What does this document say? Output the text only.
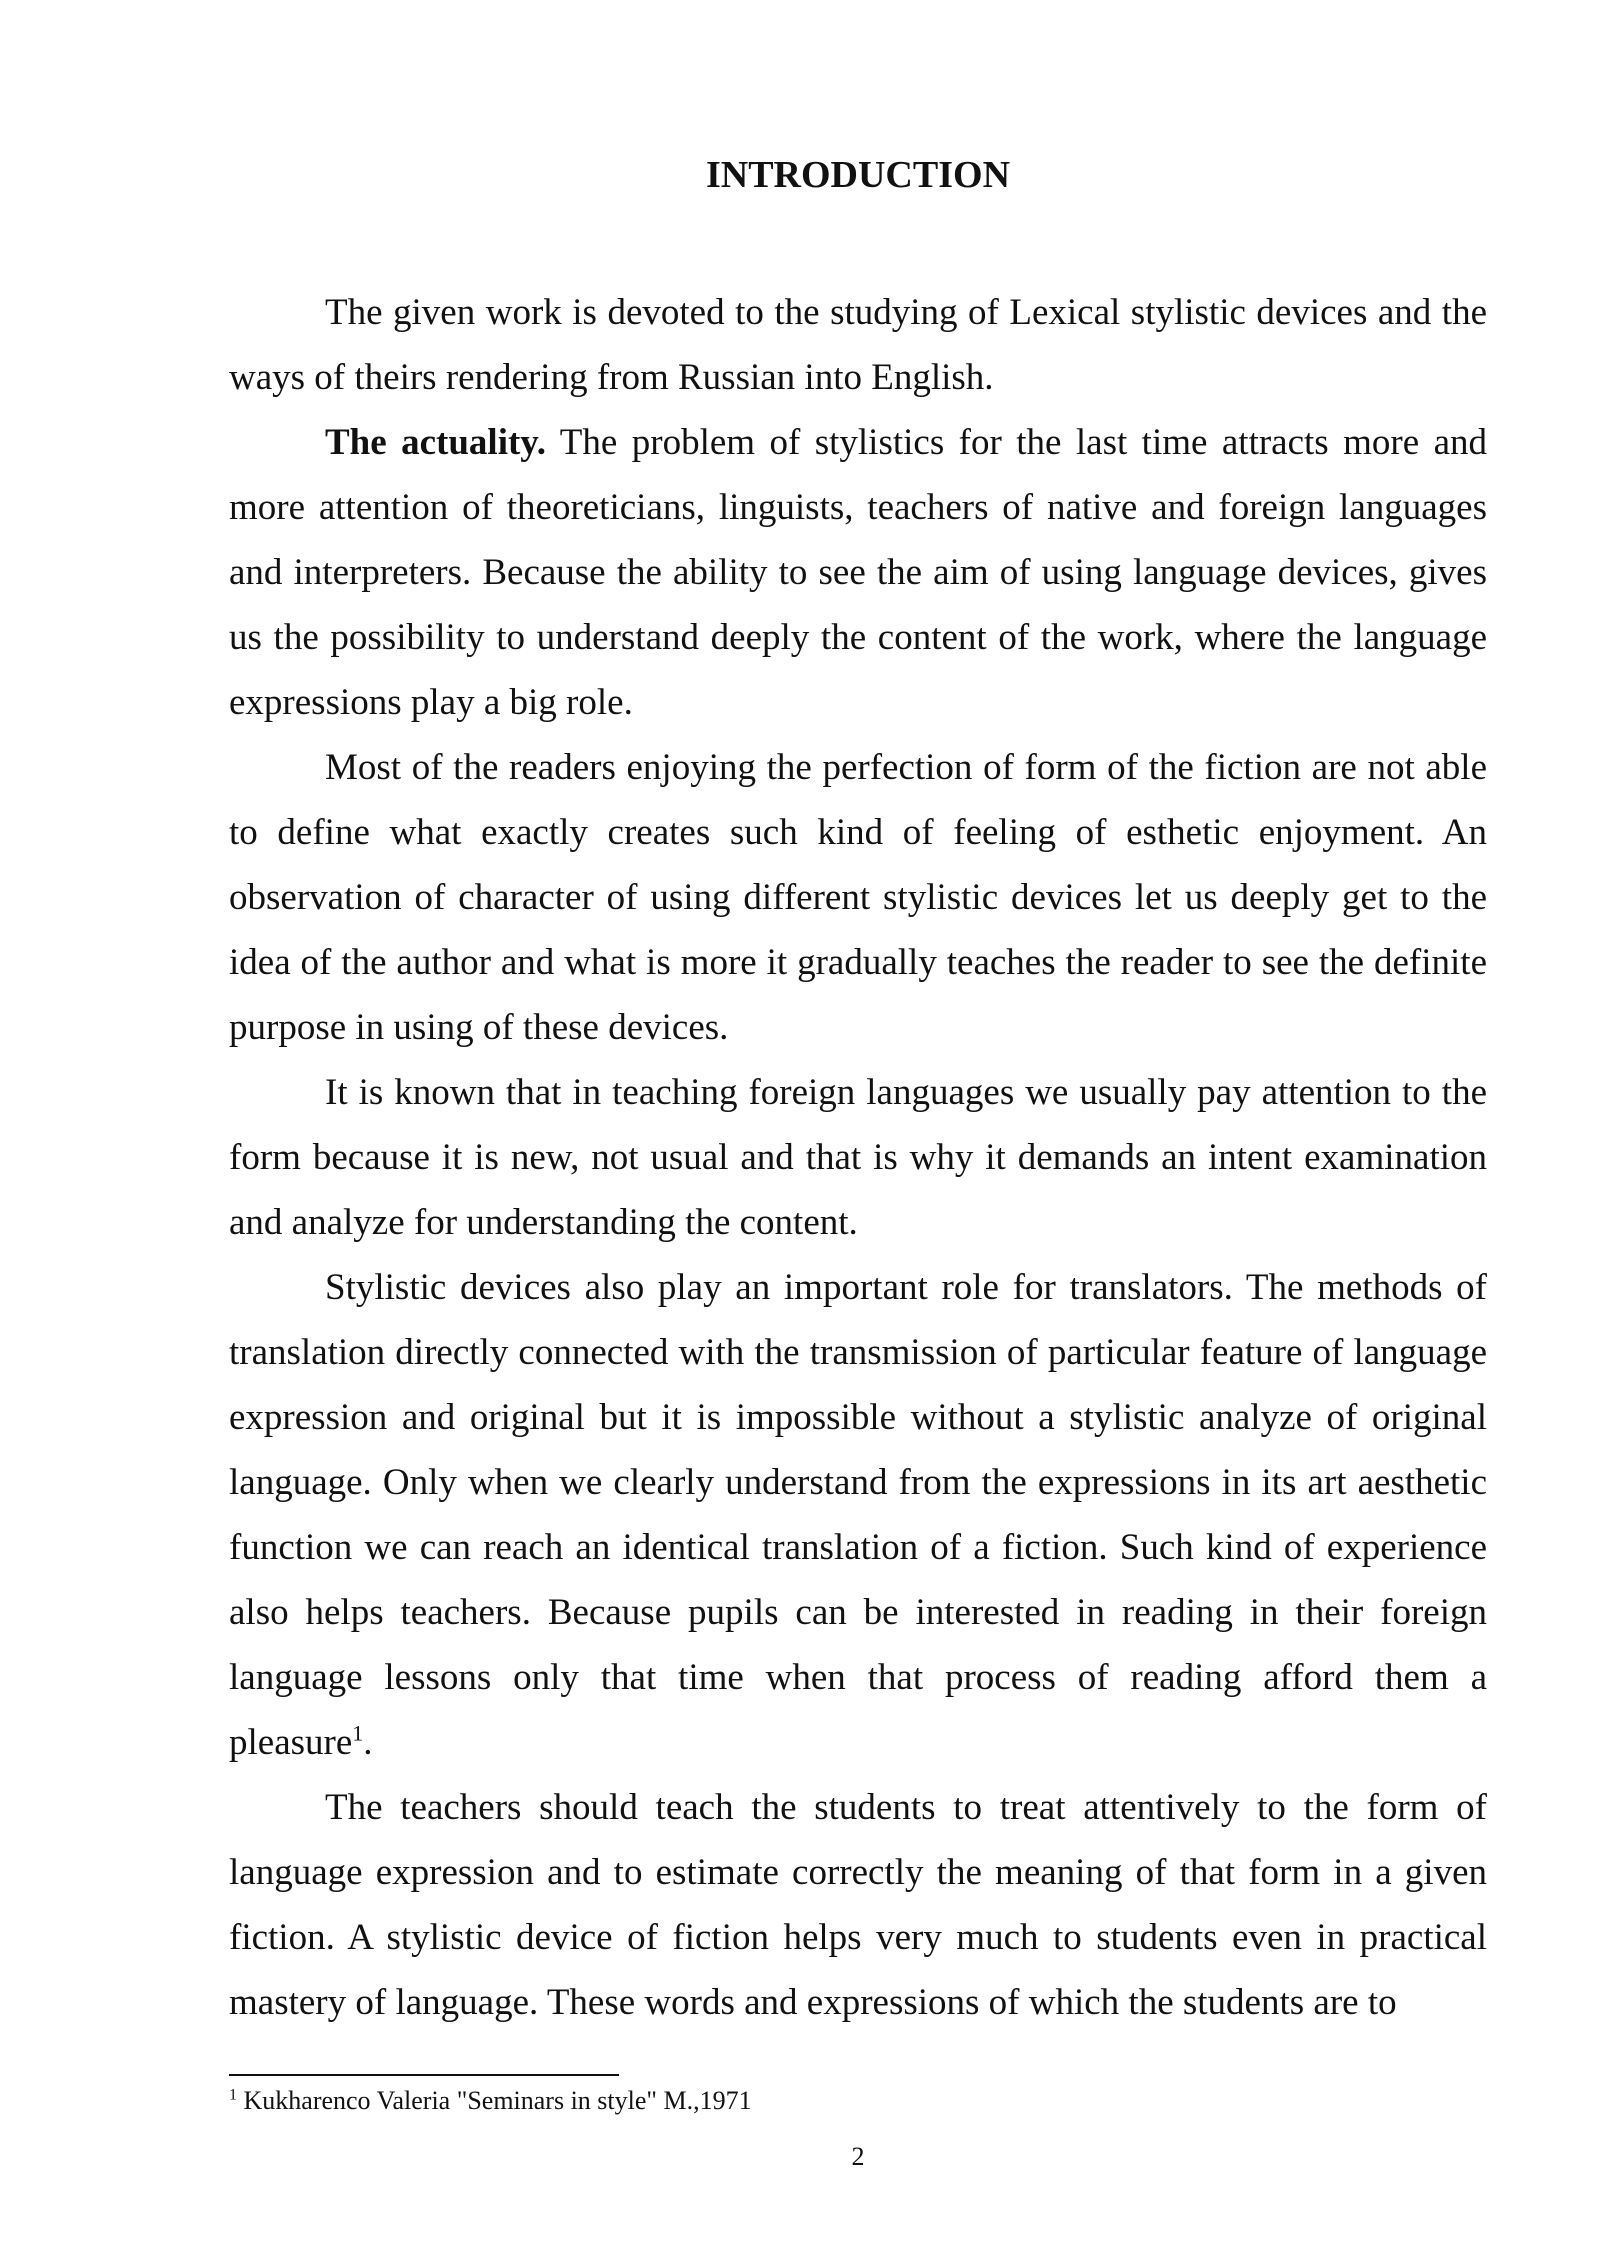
INTRODUCTION

The given work is devoted to the studying of Lexical stylistic devices and the ways of theirs rendering from Russian into English.

The actuality. The problem of stylistics for the last time attracts more and more attention of theoreticians, linguists, teachers of native and foreign languages and interpreters. Because the ability to see the aim of using language devices, gives us the possibility to understand deeply the content of the work, where the language expressions play a big role.

Most of the readers enjoying the perfection of form of the fiction are not able to define what exactly creates such kind of feeling of esthetic enjoyment. An observation of character of using different stylistic devices let us deeply get to the idea of the author and what is more it gradually teaches the reader to see the definite purpose in using of these devices.

It is known that in teaching foreign languages we usually pay attention to the form because it is new, not usual and that is why it demands an intent examination and analyze for understanding the content.

Stylistic devices also play an important role for translators. The methods of translation directly connected with the transmission of particular feature of language expression and original but it is impossible without a stylistic analyze of original language. Only when we clearly understand from the expressions in its art aesthetic function we can reach an identical translation of a fiction. Such kind of experience also helps teachers. Because pupils can be interested in reading in their foreign language lessons only that time when that process of reading afford them a pleasure$^1$.

The teachers should teach the students to treat attentively to the form of language expression and to estimate correctly the meaning of that form in a given fiction. A stylistic device of fiction helps very much to students even in practical mastery of language. These words and expressions of which the students are to

$^1$ Kukharenco Valeria "Seminars in style" M.,1971
2
